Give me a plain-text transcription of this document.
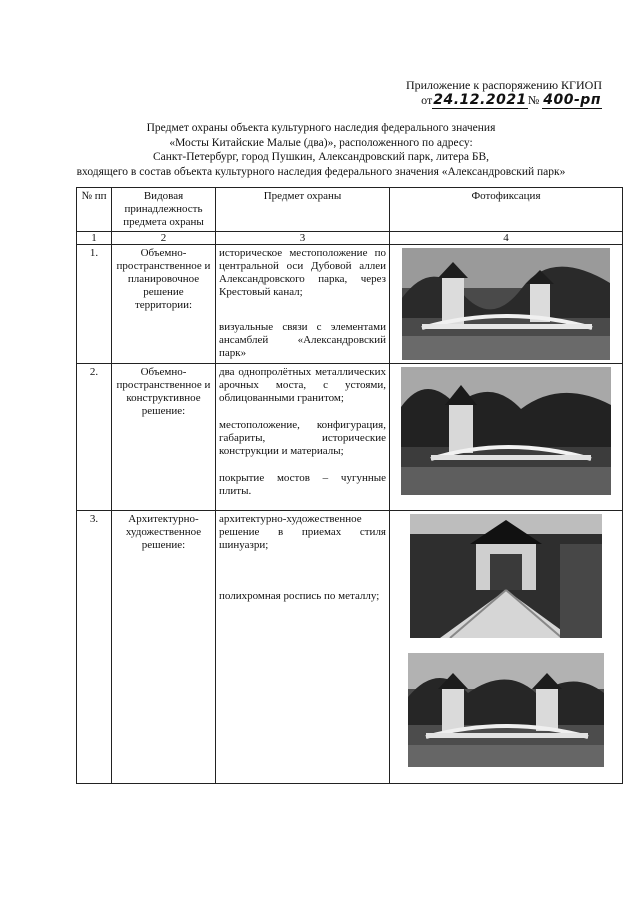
Приложение к распоряжению КГИОП
от24.12.2021№ 400-рп
Предмет охраны объекта культурного наследия федерального значения
«Мосты Китайские Малые (два)», расположенного по адресу:
Санкт-Петербург, город Пушкин, Александровский парк, литера БВ,
входящего в состав объекта культурного наследия федерального значения «Александровский парк»
№ пп	Видовая принадлежность предмета охраны	Предмет охраны	Фотофиксация
1	2	3	4
1.	Объемно-пространственное и планировочное решение территории:	историческое местоположение по центральной оси Дубовой аллеи Александровского парка, через Крестовый канал;

визуальные связи с элементами ансамблей «Александровский парк»

2.	Объемно-пространственное и конструктивное решение:	два однопролётных металлических арочных моста, с устоями, облицованными гранитом;

местоположение, конфигурация, габариты, исторические конструкции и материалы;

покрытие мостов – чугунные плиты.

3.	Архитектурно-художественное решение:	архитектурно-художественное решение в приемах стиля шинуазри;

полихромная роспись по металлу;
